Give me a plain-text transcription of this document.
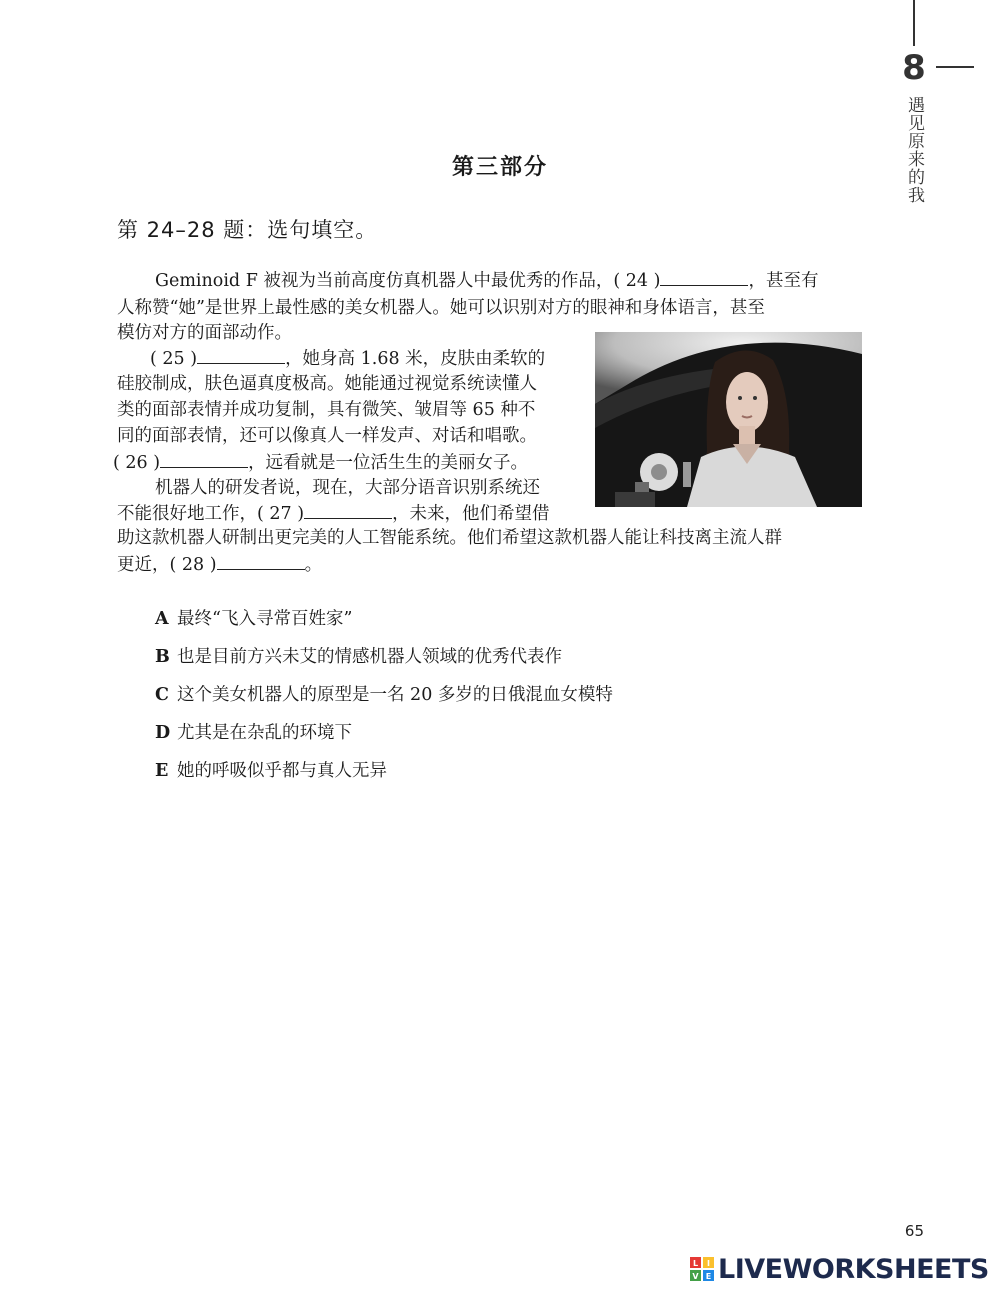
8
遇见原来的我
第三部分
第 24–28 题：选句填空。
Geminoid F 被视为当前高度仿真机器人中最优秀的作品，( 24 )	，甚至有
人称赞“她”是世界上最性感的美女机器人。她可以识别对方的眼神和身体语言，甚至
模仿对方的面部动作。
( 25 )	，她身高 1.68 米，皮肤由柔软的
硅胶制成，肤色逼真度极高。她能通过视觉系统读懂人
类的面部表情并成功复制，具有微笑、皱眉等 65 种不
同的面部表情，还可以像真人一样发声、对话和唱歌。
( 26 )	，远看就是一位活生生的美丽女子。
机器人的研发者说，现在，大部分语音识别系统还
不能很好地工作，( 27 )	，未来，他们希望借
助这款机器人研制出更完美的人工智能系统。他们希望这款机器人能让科技离主流人群
更近，( 28 )	。
A 最终“飞入寻常百姓家”
B 也是目前方兴未艾的情感机器人领域的优秀代表作
C 这个美女机器人的原型是一名 20 多岁的日俄混血女模特
D 尤其是在杂乱的环境下
E 她的呼吸似乎都与真人无异
65
L I
V E LIVEWORKSHEETS
